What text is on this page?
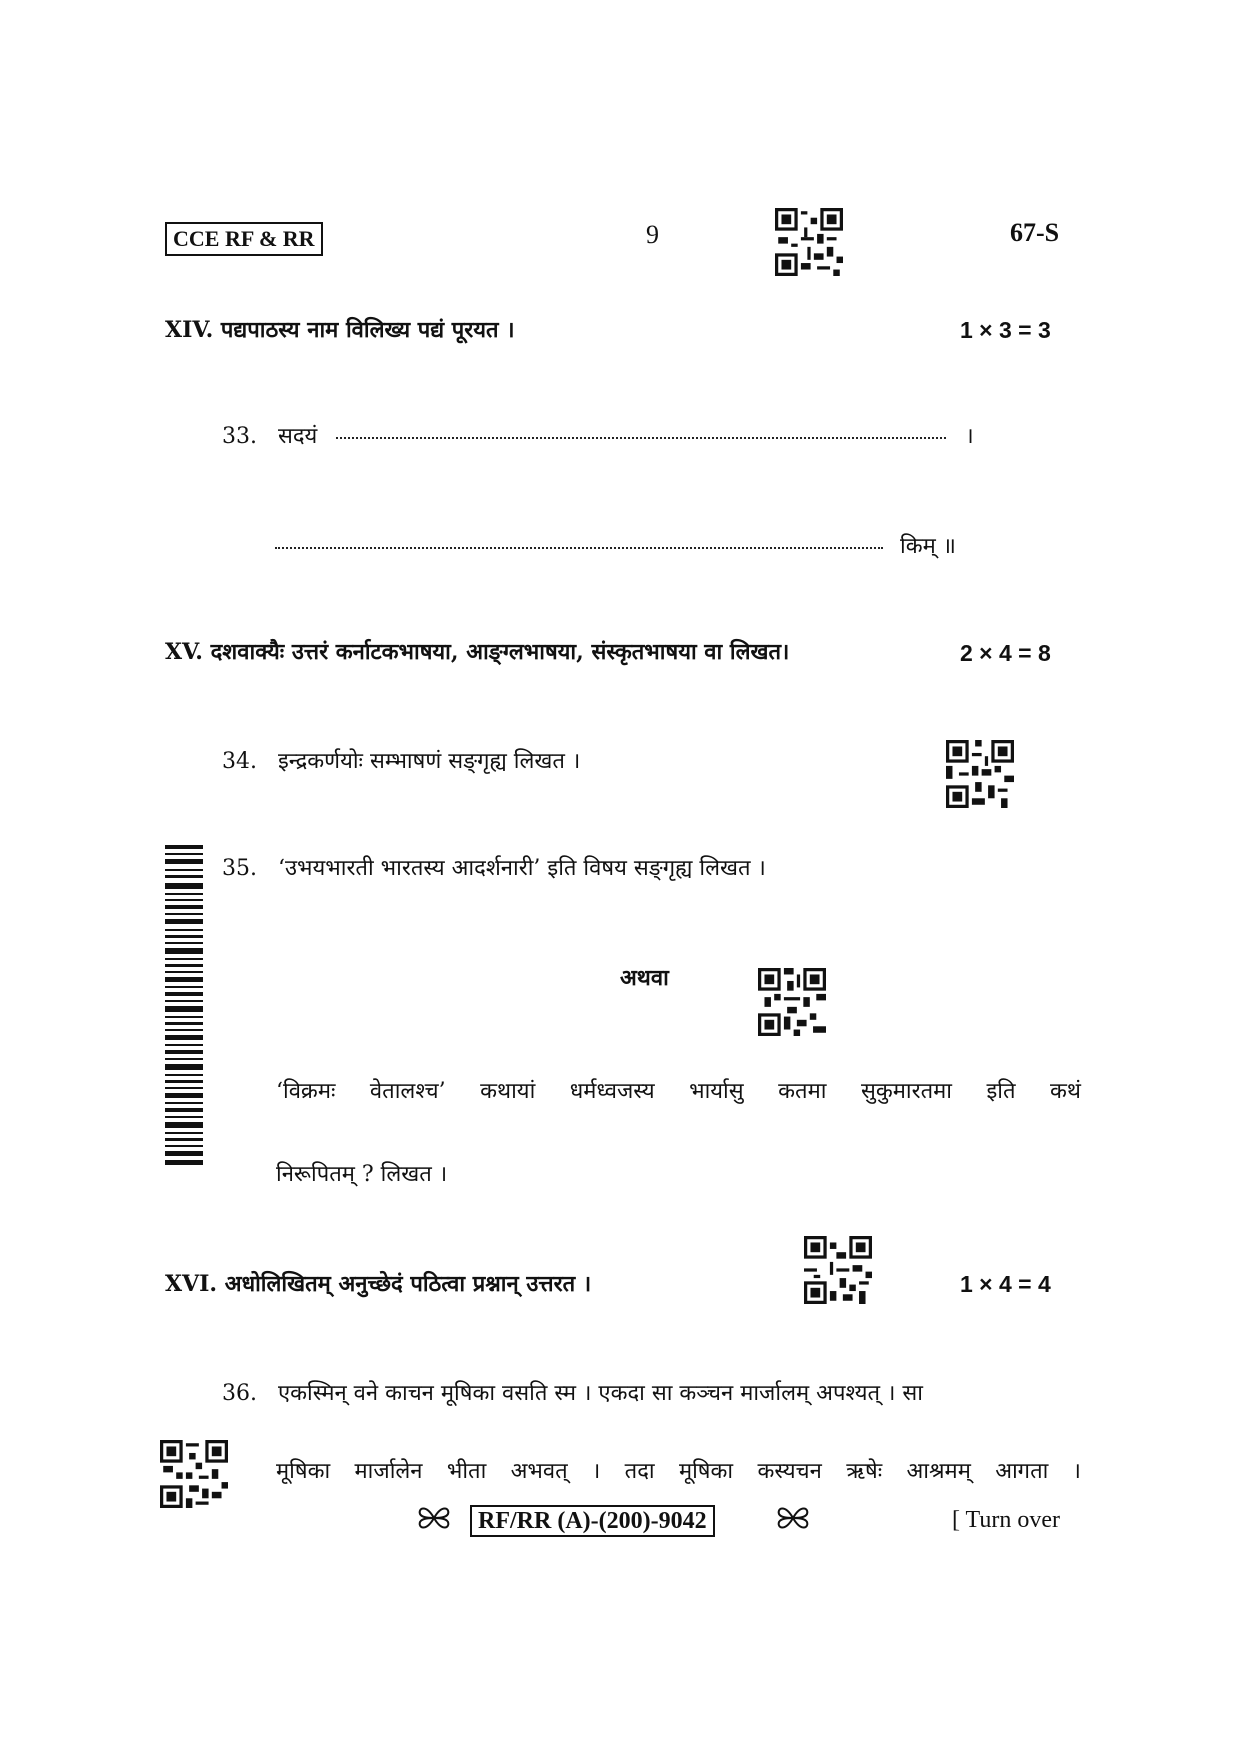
CCE RF & RR	9	67-S
XIV. पद्यपाठस्य नाम विलिख्य पद्यं पूरयत ।	1 × 3 = 3
33. सदयं	।
किम् ॥
XV. दशवाक्यैः उत्तरं कर्नाटकभाषया, आङ्ग्लभाषया, संस्कृतभाषया वा लिखत।	2 × 4 = 8
34. इन्द्रकर्णयोः सम्भाषणं सङ्गृह्य लिखत ।
35. ‘उभयभारती भारतस्य आदर्शनारी’ इति विषय सङ्गृह्य लिखत ।
अथवा
‘विक्रमः वेतालश्च’ कथायां धर्मध्वजस्य भार्यासु कतमा सुकुमारतमा इति कथं
निरूपितम् ? लिखत ।
XVI. अधोलिखितम् अनुच्छेदं पठित्वा प्रश्नान् उत्तरत ।	1 × 4 = 4
36. एकस्मिन् वने काचन मूषिका वसति स्म । एकदा सा कञ्चन मार्जालम् अपश्यत् । सा
मूषिका मार्जालेन भीता अभवत् । तदा मूषिका कस्यचन ऋषेः आश्रमम् आगता ।
RF/RR (A)-(200)-9042	[ Turn over
